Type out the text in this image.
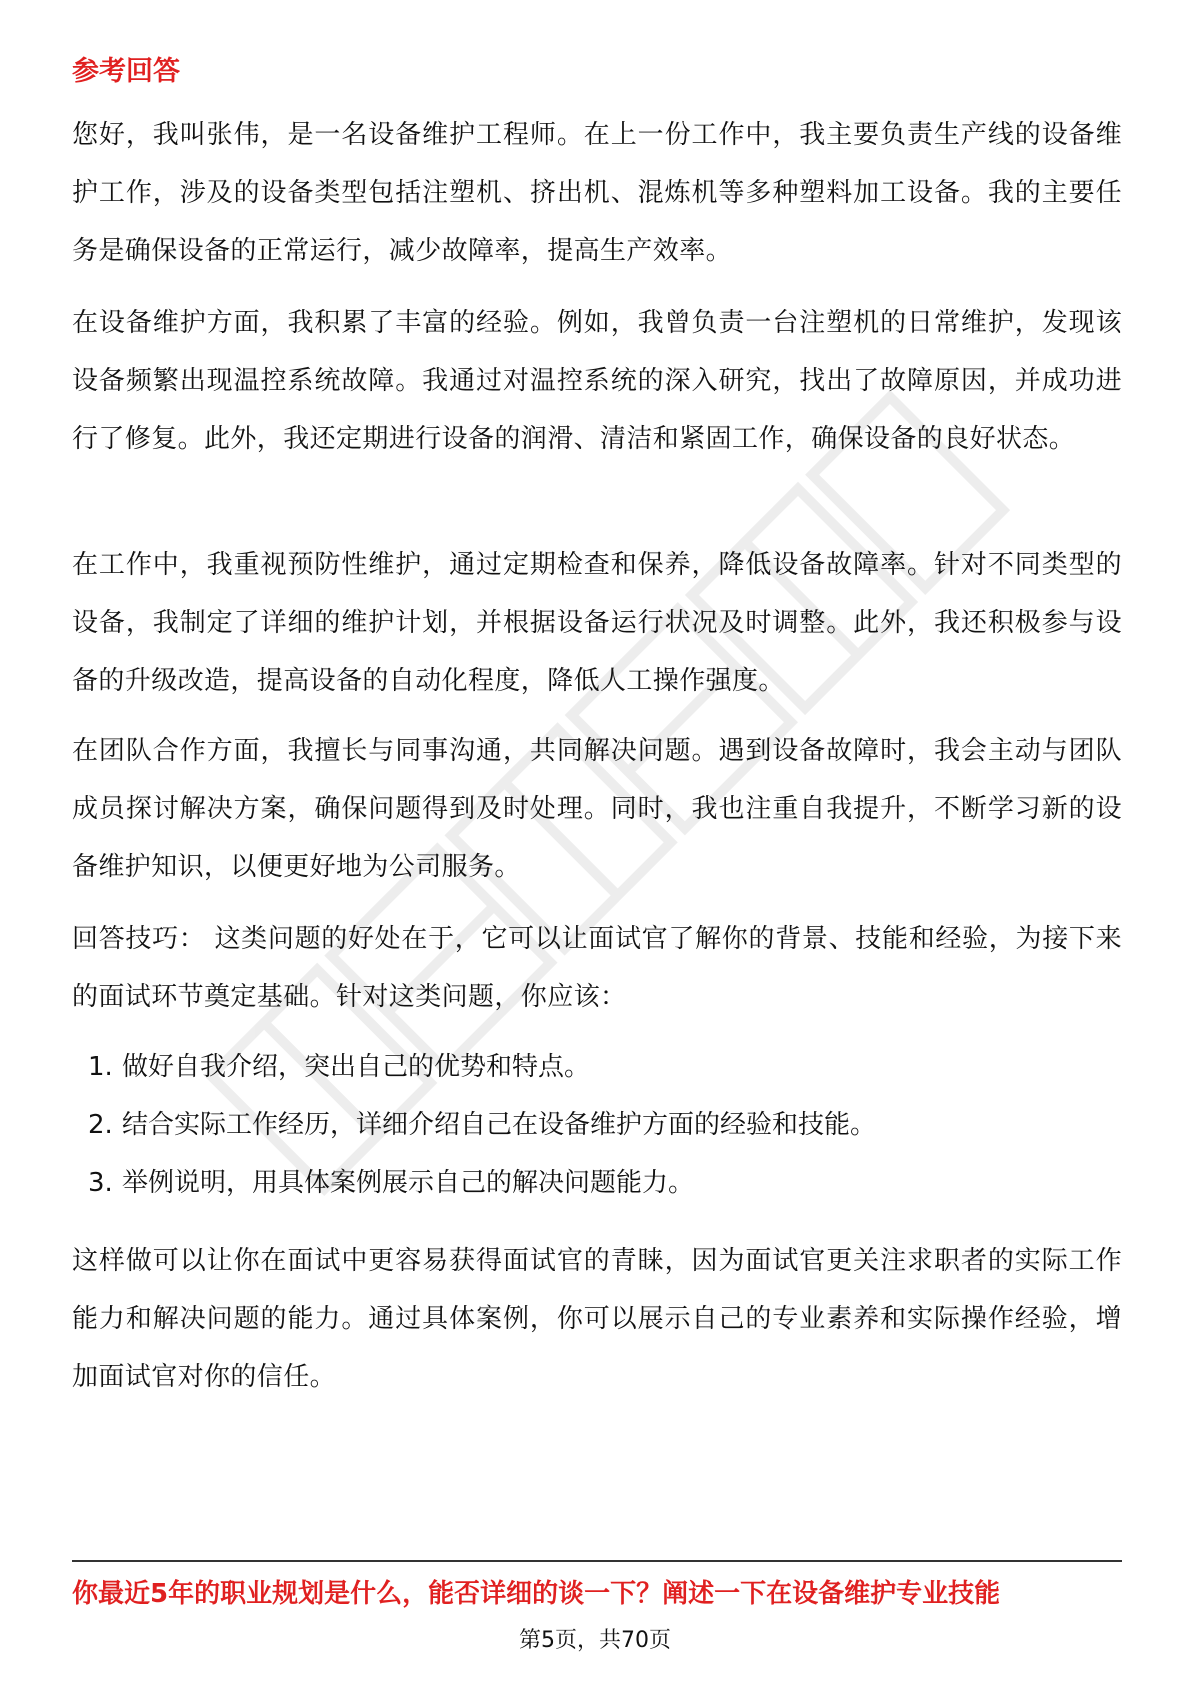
参考回答

您好，我叫张伟，是一名设备维护工程师。在上一份工作中，我主要负责生产线的设备维护工作，涉及的设备类型包括注塑机、挤出机、混炼机等多种塑料加工设备。我的主要任务是确保设备的正常运行，减少故障率，提高生产效率。

在设备维护方面，我积累了丰富的经验。例如，我曾负责一台注塑机的日常维护，发现该设备频繁出现温控系统故障。我通过对温控系统的深入研究，找出了故障原因，并成功进行了修复。此外，我还定期进行设备的润滑、清洁和紧固工作，确保设备的良好状态。

在工作中，我重视预防性维护，通过定期检查和保养，降低设备故障率。针对不同类型的设备，我制定了详细的维护计划，并根据设备运行状况及时调整。此外，我还积极参与设备的升级改造，提高设备的自动化程度，降低人工操作强度。

在团队合作方面，我擅长与同事沟通，共同解决问题。遇到设备故障时，我会主动与团队成员探讨解决方案，确保问题得到及时处理。同时，我也注重自我提升，不断学习新的设备维护知识，以便更好地为公司服务。

回答技巧： 这类问题的好处在于，它可以让面试官了解你的背景、技能和经验，为接下来的面试环节奠定基础。针对这类问题，你应该：

1. 做好自我介绍，突出自己的优势和特点。
2. 结合实际工作经历，详细介绍自己在设备维护方面的经验和技能。
3. 举例说明，用具体案例展示自己的解决问题能力。

这样做可以让你在面试中更容易获得面试官的青睐，因为面试官更关注求职者的实际工作能力和解决问题的能力。通过具体案例，你可以展示自己的专业素养和实际操作经验，增加面试官对你的信任。

你最近5年的职业规划是什么，能否详细的谈一下？阐述一下在设备维护专业技能
第5页，共70页
